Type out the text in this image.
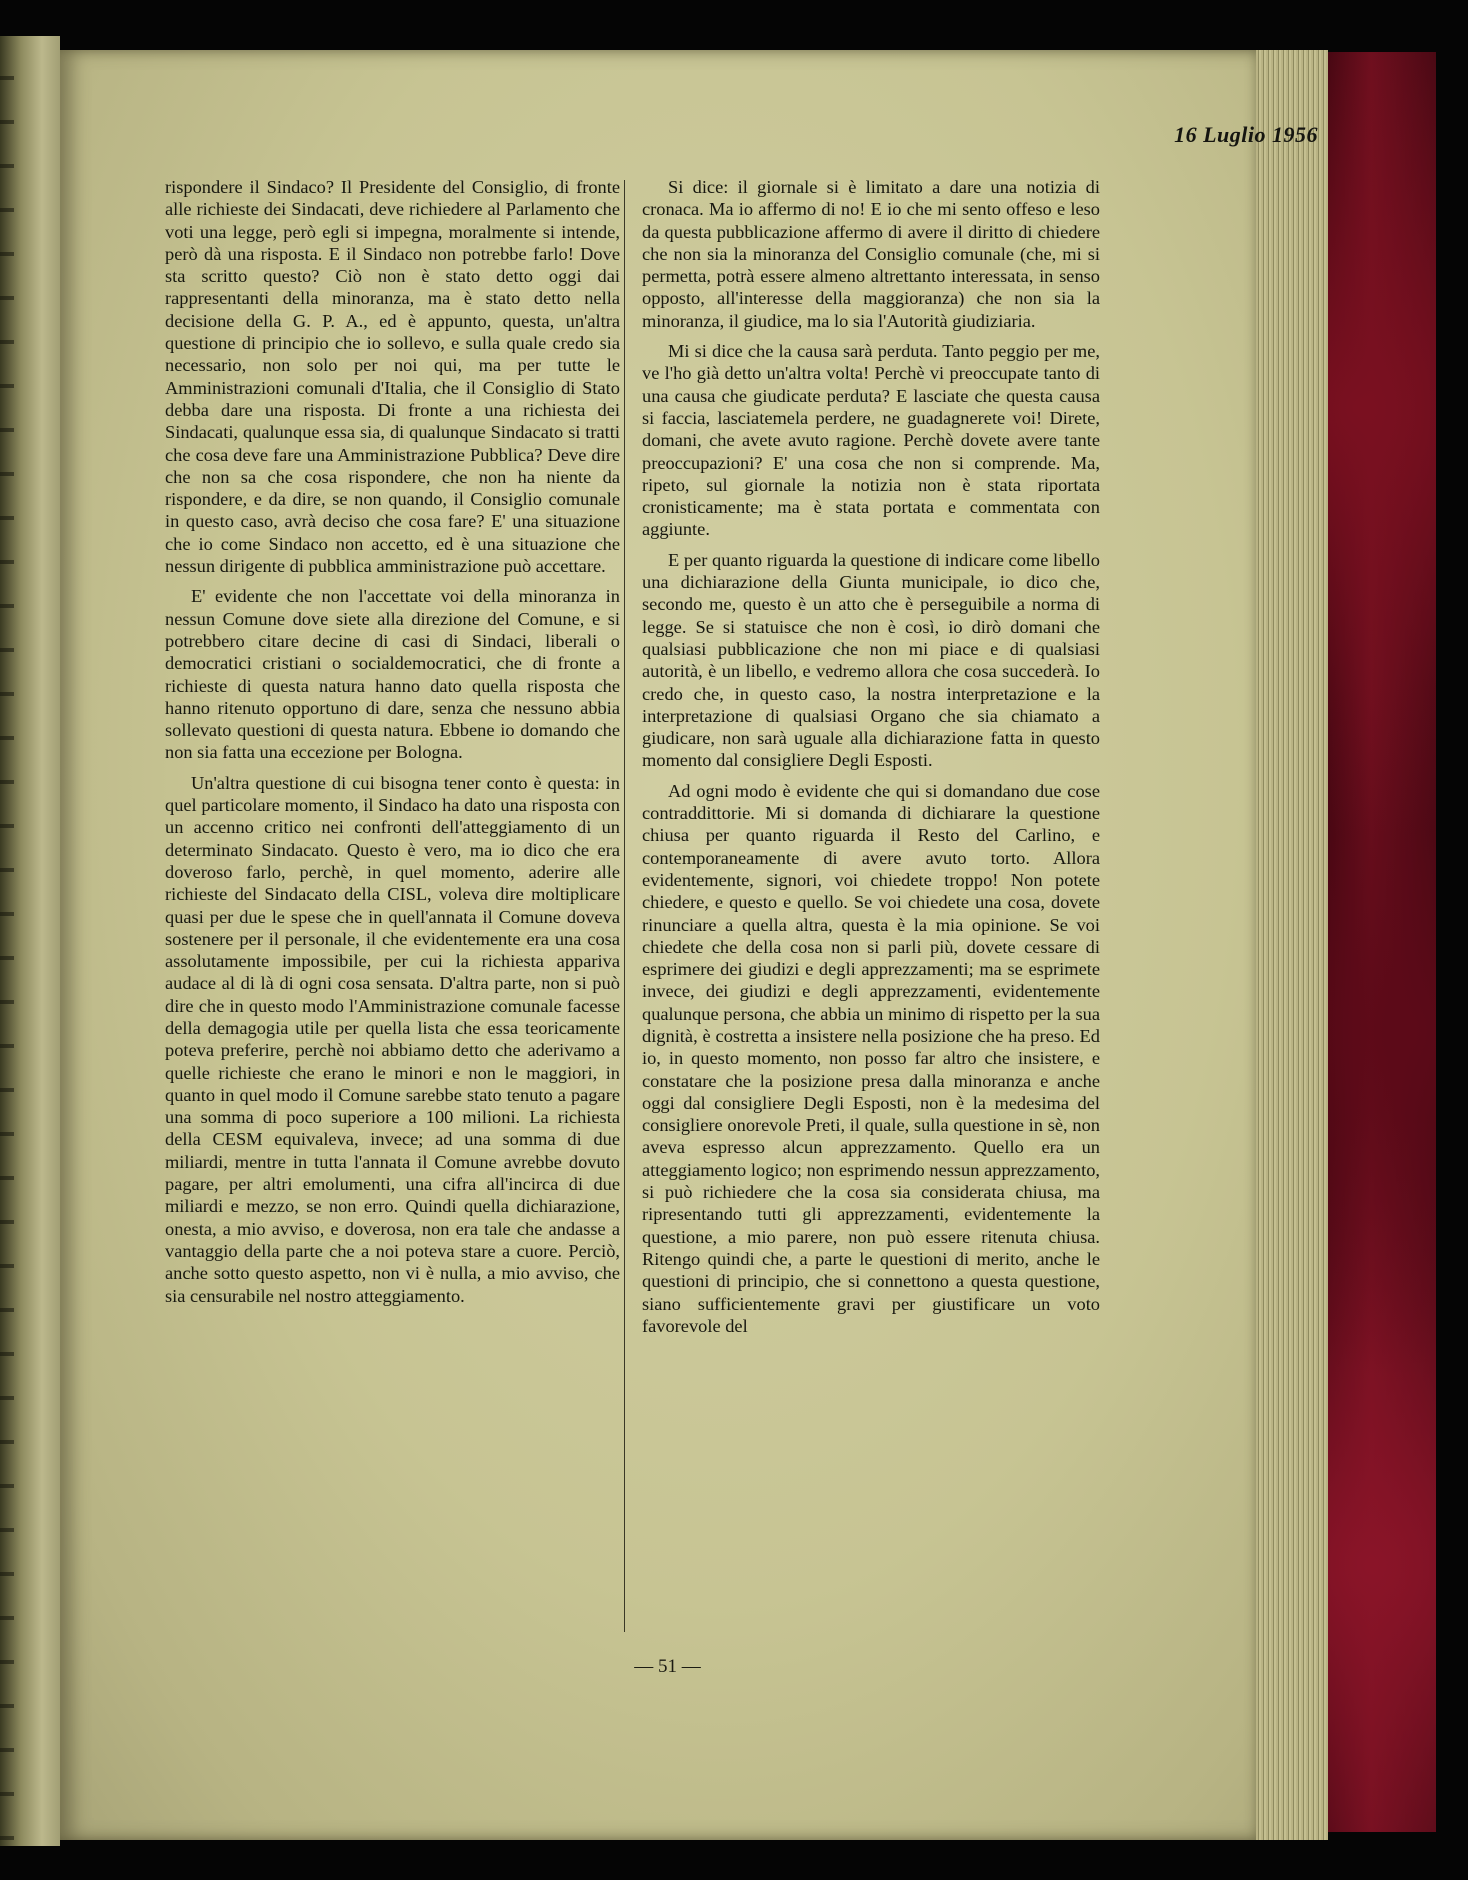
16 Luglio 1956

rispondere il Sindaco? Il Presidente del Consiglio, di fronte alle richieste dei Sindacati, deve richiedere al Parlamento che voti una legge, però egli si impegna, moralmente si intende, però dà una risposta. E il Sindaco non potrebbe farlo! Dove sta scritto questo? Ciò non è stato detto oggi dai rappresentanti della minoranza, ma è stato detto nella decisione della G. P. A., ed è appunto, questa, un'altra questione di principio che io sollevo, e sulla quale credo sia necessario, non solo per noi qui, ma per tutte le Amministrazioni comunali d'Italia, che il Consiglio di Stato debba dare una risposta. Di fronte a una richiesta dei Sindacati, qualunque essa sia, di qualunque Sindacato si tratti che cosa deve fare una Amministrazione Pubblica? Deve dire che non sa che cosa rispondere, che non ha niente da rispondere, e da dire, se non quando, il Consiglio comunale in questo caso, avrà deciso che cosa fare? E' una situazione che io come Sindaco non accetto, ed è una situazione che nessun dirigente di pubblica amministrazione può accettare.

E' evidente che non l'accettate voi della minoranza in nessun Comune dove siete alla direzione del Comune, e si potrebbero citare decine di casi di Sindaci, liberali o democratici cristiani o socialdemocratici, che di fronte a richieste di questa natura hanno dato quella risposta che hanno ritenuto opportuno di dare, senza che nessuno abbia sollevato questioni di questa natura. Ebbene io domando che non sia fatta una eccezione per Bologna.

Un'altra questione di cui bisogna tener conto è questa: in quel particolare momento, il Sindaco ha dato una risposta con un accenno critico nei confronti dell'atteggiamento di un determinato Sindacato. Questo è vero, ma io dico che era doveroso farlo, perchè, in quel momento, aderire alle richieste del Sindacato della CISL, voleva dire moltiplicare quasi per due le spese che in quell'annata il Comune doveva sostenere per il personale, il che evidentemente era una cosa assolutamente impossibile, per cui la richiesta appariva audace al di là di ogni cosa sensata. D'altra parte, non si può dire che in questo modo l'Amministrazione comunale facesse della demagogia utile per quella lista che essa teoricamente poteva preferire, perchè noi abbiamo detto che aderivamo a quelle richieste che erano le minori e non le maggiori, in quanto in quel modo il Comune sarebbe stato tenuto a pagare una somma di poco superiore a 100 milioni. La richiesta della CESM equivaleva, invece; ad una somma di due miliardi, mentre in tutta l'annata il Comune avrebbe dovuto pagare, per altri emolumenti, una cifra all'incirca di due miliardi e mezzo, se non erro. Quindi quella dichiarazione, onesta, a mio avviso, e doverosa, non era tale che andasse a vantaggio della parte che a noi poteva stare a cuore. Perciò, anche sotto questo aspetto, non vi è nulla, a mio avviso, che sia censurabile nel nostro atteggiamento.

Si dice: il giornale si è limitato a dare una notizia di cronaca. Ma io affermo di no! E io che mi sento offeso e leso da questa pubblicazione affermo di avere il diritto di chiedere che non sia la minoranza del Consiglio comunale (che, mi si permetta, potrà essere almeno altrettanto interessata, in senso opposto, all'interesse della maggioranza) che non sia la minoranza, il giudice, ma lo sia l'Autorità giudiziaria.

Mi si dice che la causa sarà perduta. Tanto peggio per me, ve l'ho già detto un'altra volta! Perchè vi preoccupate tanto di una causa che giudicate perduta? E lasciate che questa causa si faccia, lasciatemela perdere, ne guadagnerete voi! Direte, domani, che avete avuto ragione. Perchè dovete avere tante preoccupazioni? E' una cosa che non si comprende. Ma, ripeto, sul giornale la notizia non è stata riportata cronisticamente; ma è stata portata e commentata con aggiunte.

E per quanto riguarda la questione di indicare come libello una dichiarazione della Giunta municipale, io dico che, secondo me, questo è un atto che è perseguibile a norma di legge. Se si statuisce che non è così, io dirò domani che qualsiasi pubblicazione che non mi piace e di qualsiasi autorità, è un libello, e vedremo allora che cosa succederà. Io credo che, in questo caso, la nostra interpretazione e la interpretazione di qualsiasi Organo che sia chiamato a giudicare, non sarà uguale alla dichiarazione fatta in questo momento dal consigliere Degli Esposti.

Ad ogni modo è evidente che qui si domandano due cose contraddittorie. Mi si domanda di dichiarare la questione chiusa per quanto riguarda il Resto del Carlino, e contemporaneamente di avere avuto torto. Allora evidentemente, signori, voi chiedete troppo! Non potete chiedere, e questo e quello. Se voi chiedete una cosa, dovete rinunciare a quella altra, questa è la mia opinione. Se voi chiedete che della cosa non si parli più, dovete cessare di esprimere dei giudizi e degli apprezzamenti; ma se esprimete invece, dei giudizi e degli apprezzamenti, evidentemente qualunque persona, che abbia un minimo di rispetto per la sua dignità, è costretta a insistere nella posizione che ha preso. Ed io, in questo momento, non posso far altro che insistere, e constatare che la posizione presa dalla minoranza e anche oggi dal consigliere Degli Esposti, non è la medesima del consigliere onorevole Preti, il quale, sulla questione in sè, non aveva espresso alcun apprezzamento. Quello era un atteggiamento logico; non esprimendo nessun apprezzamento, si può richiedere che la cosa sia considerata chiusa, ma ripresentando tutti gli apprezzamenti, evidentemente la questione, a mio parere, non può essere ritenuta chiusa. Ritengo quindi che, a parte le questioni di merito, anche le questioni di principio, che si connettono a questa questione, siano sufficientemente gravi per giustificare un voto favorevole del

— 51 —
